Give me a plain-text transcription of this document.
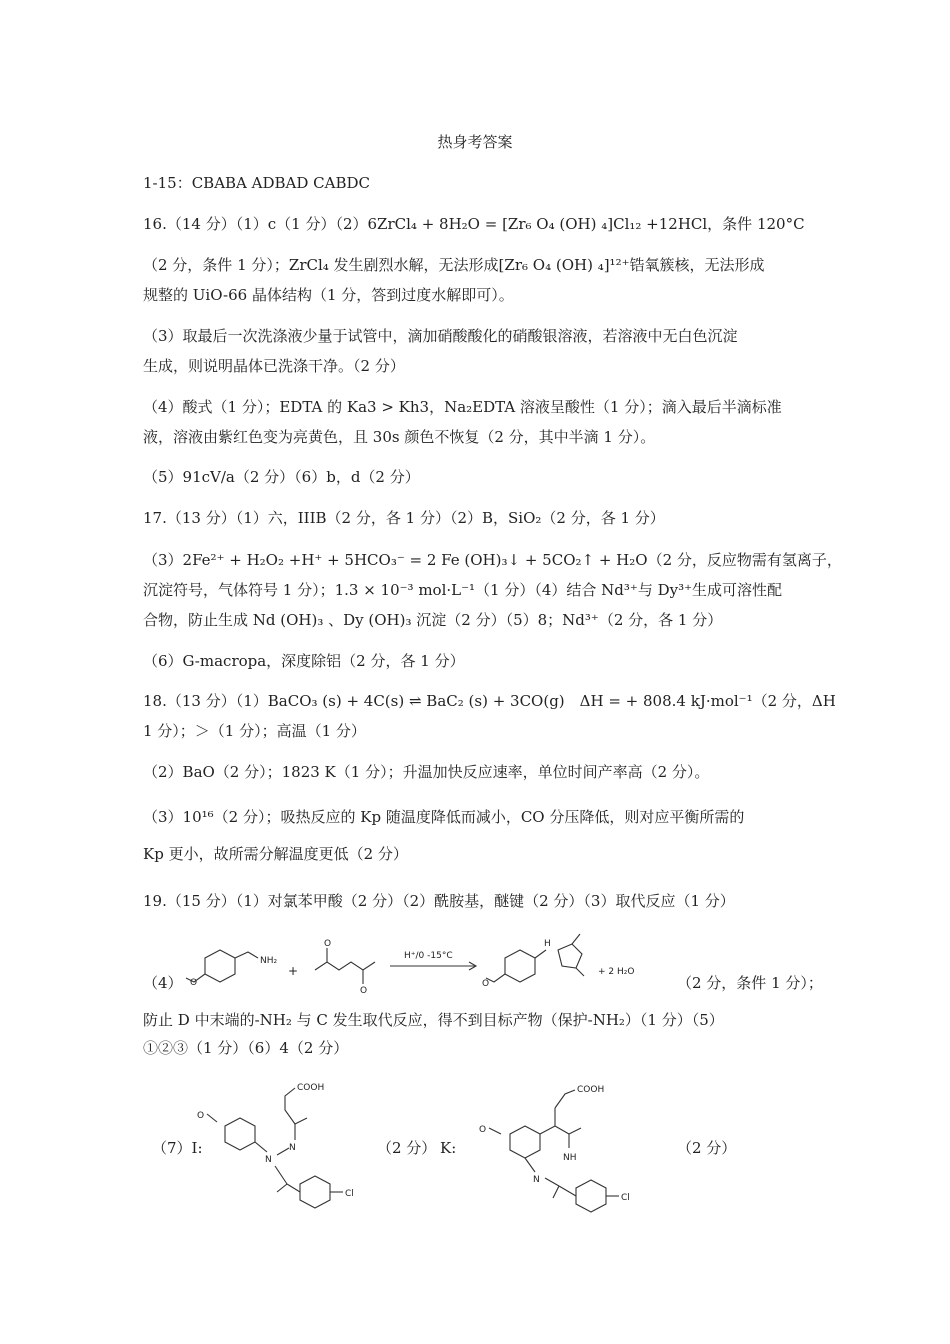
热身考答案
1-15：CBABA ADBAD CABDC
16.（14 分）（1）c（1 分）（2）6ZrCl₄ + 8H₂O = [Zr₆ O₄ (OH) ₄]Cl₁₂ +12HCl，条件 120°C
（2 分，条件 1 分）；ZrCl₄ 发生剧烈水解，无法形成[Zr₆ O₄ (OH) ₄]¹²⁺锆氧簇核，无法形成
规整的 UiO-66 晶体结构（1 分，答到过度水解即可）。
（3）取最后一次洗涤液少量于试管中，滴加硝酸酸化的硝酸银溶液，若溶液中无白色沉淀
生成，则说明晶体已洗涤干净。（2 分）
（4）酸式（1 分）；EDTA 的 Ka3 > Kh3，Na₂EDTA 溶液呈酸性（1 分）；滴入最后半滴标准
液，溶液由紫红色变为亮黄色，且 30s 颜色不恢复（2 分，其中半滴 1 分）。
（5）91cV/a（2 分）（6）b，d（2 分）
17.（13 分）（1）六，IIIB（2 分，各 1 分）（2）B，SiO₂（2 分，各 1 分）
（3）2Fe²⁺ + H₂O₂ +H⁺ + 5HCO₃⁻ = 2 Fe (OH)₃↓ + 5CO₂↑ + H₂O（2 分，反应物需有氢离子，
沉淀符号，气体符号 1 分）；1.3 × 10⁻³ mol·L⁻¹（1 分）（4）结合 Nd³⁺与 Dy³⁺生成可溶性配
合物，防止生成 Nd (OH)₃ 、Dy (OH)₃ 沉淀（2 分）（5）8；Nd³⁺（2 分，各 1 分）
（6）G-macropa，深度除铝（2 分，各 1 分）
18.（13 分）（1）BaCO₃ (s) + 4C(s) ⇌ BaC₂ (s) + 3CO(g)　ΔH = + 808.4 kJ·mol⁻¹（2 分，ΔH
1 分）；＞（1 分）；高温（1 分）
（2）BaO（2 分）；1823 K（1 分）；升温加快反应速率，单位时间产率高（2 分）。
（3）10¹⁶（2 分）；吸热反应的 Kp 随温度降低而减小，CO 分压降低，则对应平衡所需的
Kp 更小，故所需分解温度更低（2 分）
19.（15 分）（1）对氯苯甲酸（2 分）（2）酰胺基，醚键（2 分）（3）取代反应（1 分）
（4） O
NH₂
+
O
O
H⁺/0 -15°C
O
H
+ 2 H₂O
（2 分，条件 1 分）；
防止 D 中末端的-NH₂ 与 C 发生取代反应，得不到目标产物（保护-NH₂）（1 分）（5）
①②③（1 分）（6）4（2 分）
（7）I:
O
N
N
COOH
Cl
（2 分） K:
O
COOH
NH
N
Cl
（2 分）
